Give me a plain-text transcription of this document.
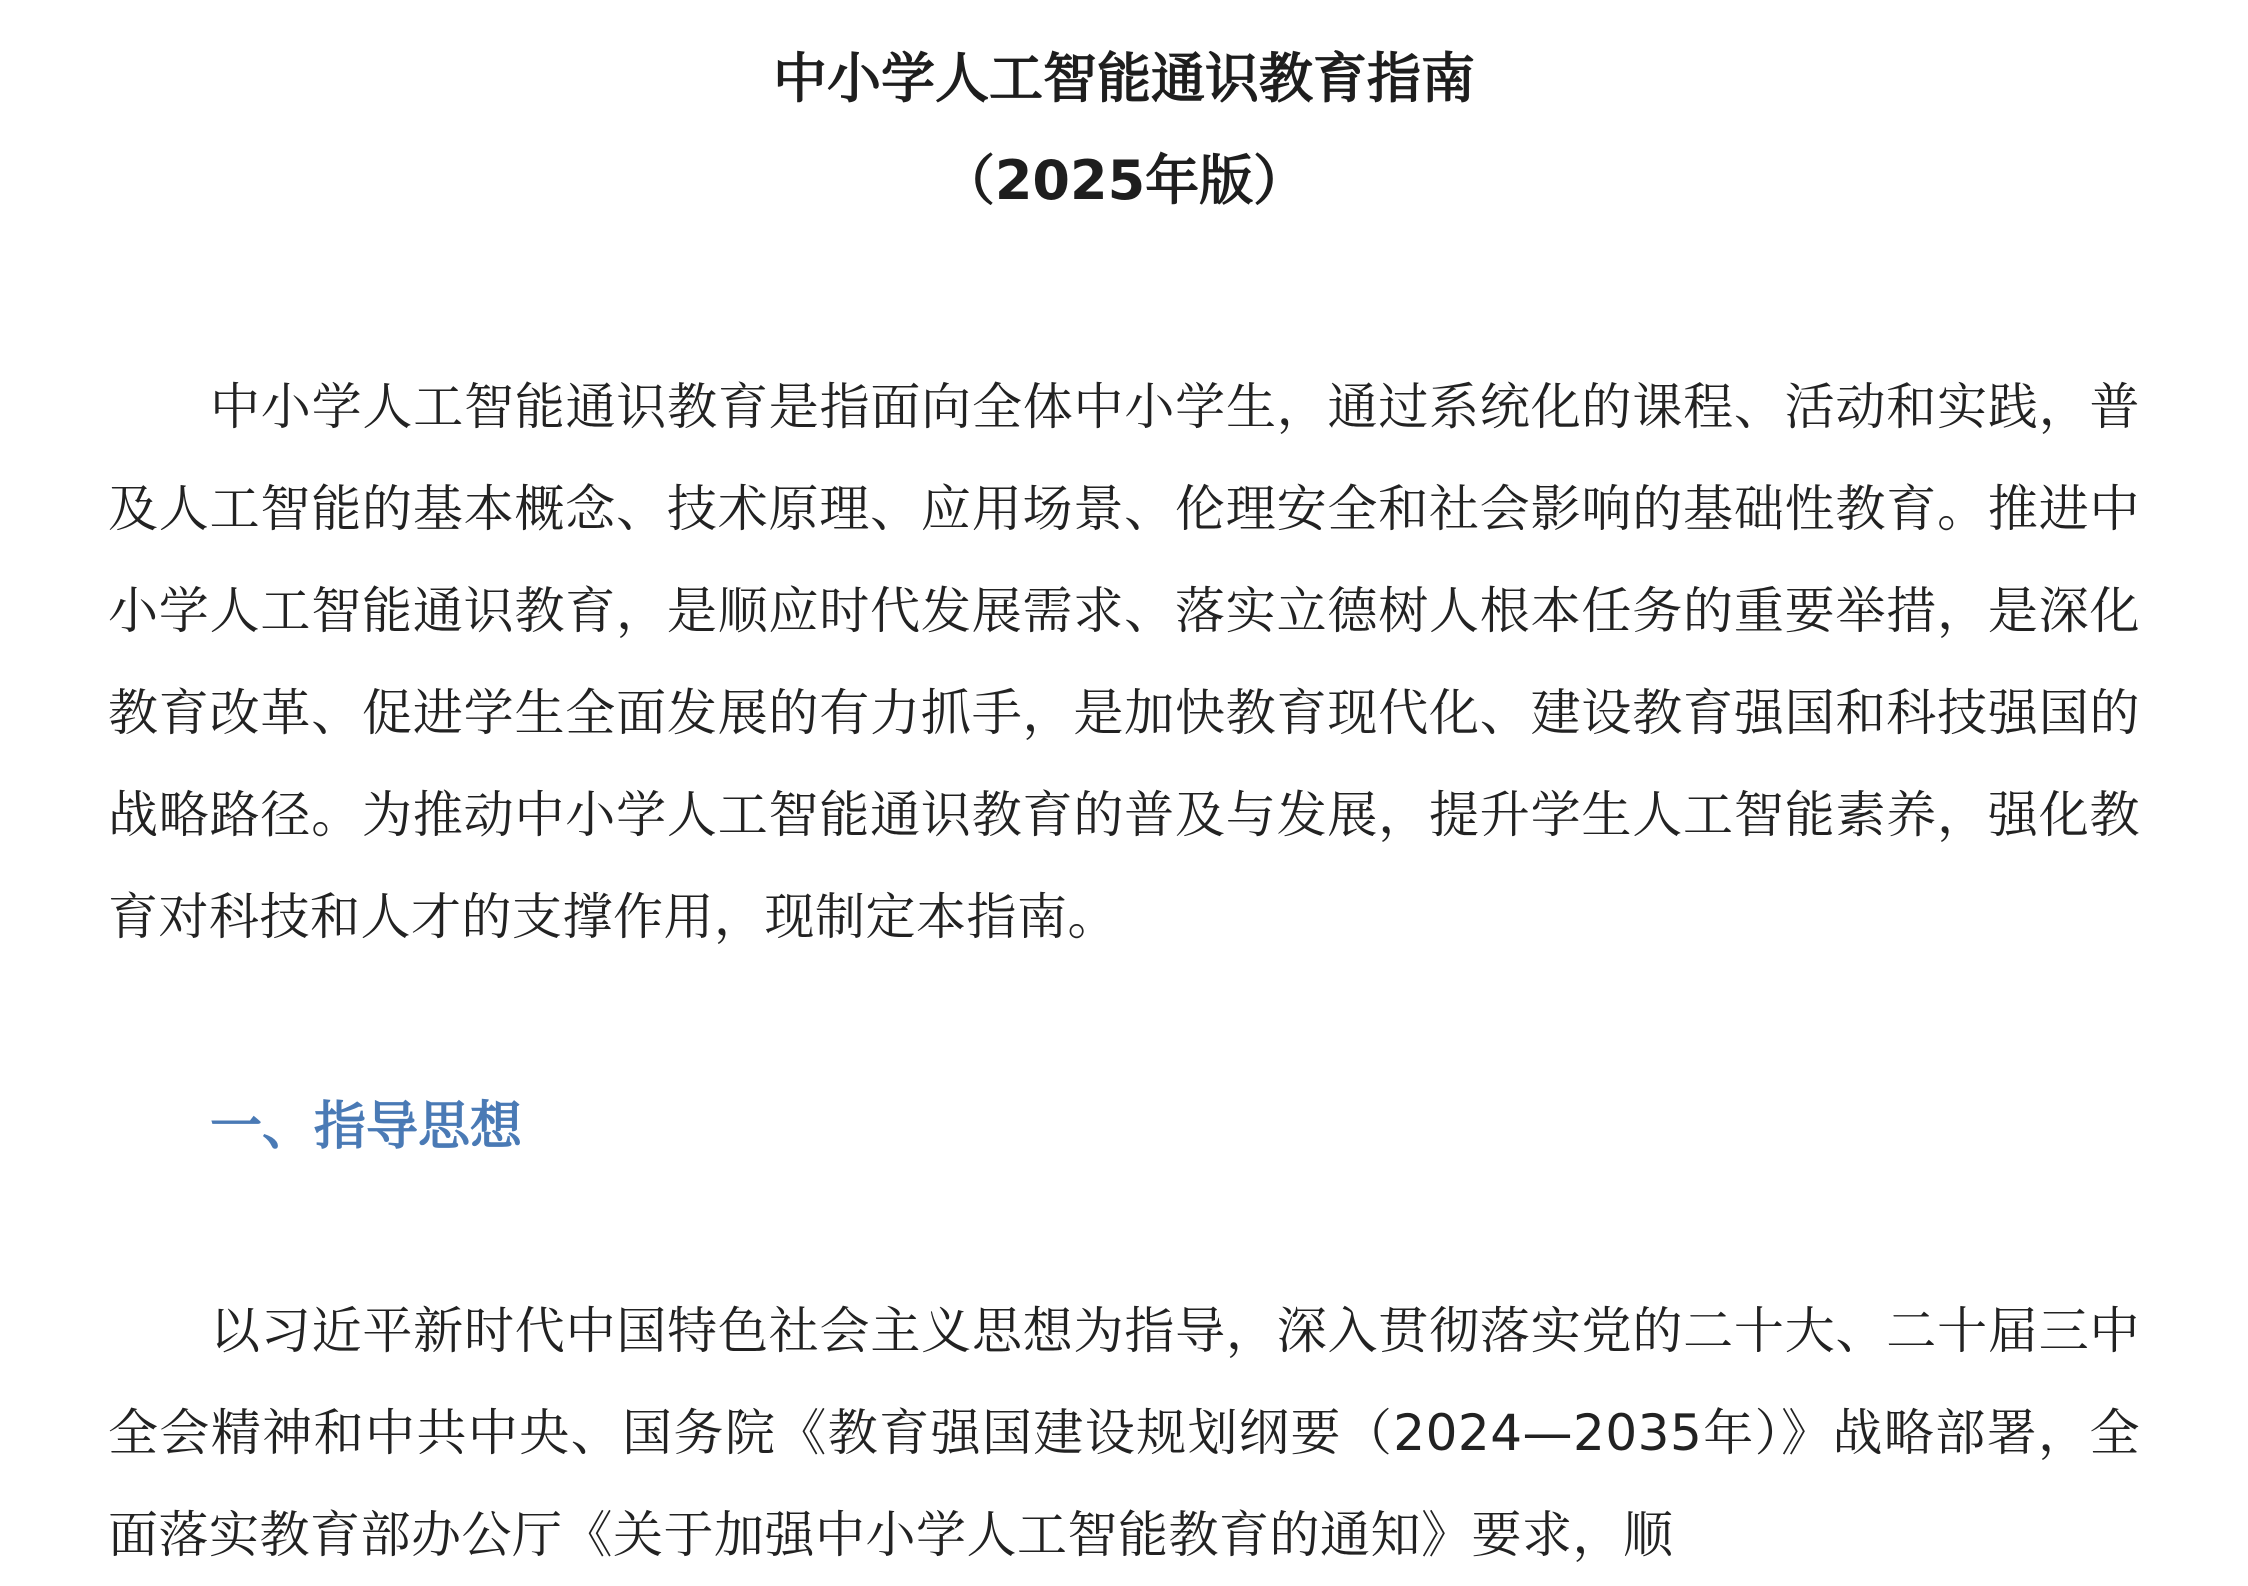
中小学人工智能通识教育指南
（2025年版）

中小学人工智能通识教育是指面向全体中小学生，通过系统化的课程、活动和实践，普及人工智能的基本概念、技术原理、应用场景、伦理安全和社会影响的基础性教育。推进中小学人工智能通识教育，是顺应时代发展需求、落实立德树人根本任务的重要举措，是深化教育改革、促进学生全面发展的有力抓手，是加快教育现代化、建设教育强国和科技强国的战略路径。为推动中小学人工智能通识教育的普及与发展，提升学生人工智能素养，强化教育对科技和人才的支撑作用，现制定本指南。

一、指导思想

以习近平新时代中国特色社会主义思想为指导，深入贯彻落实党的二十大、二十届三中全会精神和中共中央、国务院《教育强国建设规划纲要（2024—2035年）》战略部署，全面落实教育部办公厅《关于加强中小学人工智能教育的通知》要求，顺
